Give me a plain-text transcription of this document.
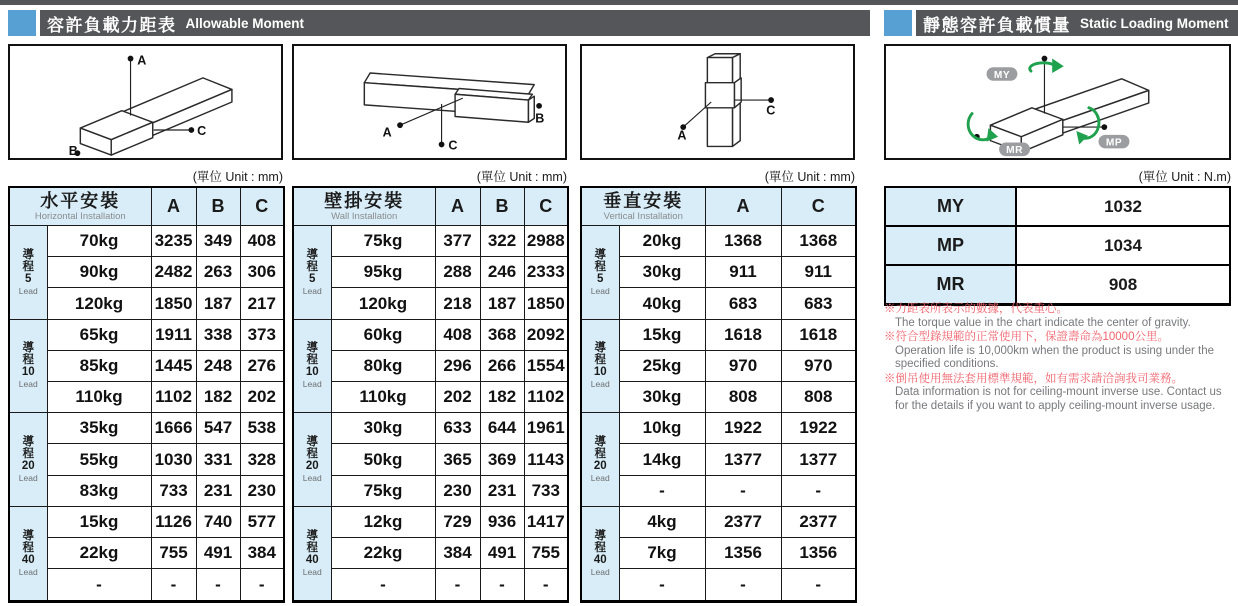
容許負載力距表 Allowable Moment	靜態容許負載慣量 Static Loading Moment
A
B
C	A
B
C
A
C
MY
MP
MR
(單位 Unit : mm)	(單位 Unit : mm)	(單位 Unit : mm)	(單位 Unit : N.m)
水平安裝
Horizontal Installation		A	B	C

導
程
5
Lead	70kg	3235	349	408
	90kg	2482	263	306
	120kg	1850	187	217

導
程
10
Lead	65kg	1911	338	373
	85kg	1445	248	276
	110kg	1102	182	202

導
程
20
Lead	35kg	1666	547	538
	55kg	1030	331	328
	83kg	733	231	230

導
程
40
Lead	15kg	1126	740	577
	22kg	755	491	384
	-	-	-	-
壁掛安裝
Wall Installation		A	B	C

導
程
5
Lead	75kg	377	322	2988
	95kg	288	246	2333
	120kg	218	187	1850

導
程
10
Lead	60kg	408	368	2092
	80kg	296	266	1554
	110kg	202	182	1102

導
程
20
Lead	30kg	633	644	1961
	50kg	365	369	1143
	75kg	230	231	733

導
程
40
Lead	12kg	729	936	1417
	22kg	384	491	755
	-	-	-	-
垂直安裝
Vertical Installation		A	C

導
程
5
Lead	20kg	1368	1368
	30kg	911	911
	40kg	683	683

導
程
10
Lead	15kg	1618	1618
	25kg	970	970
	30kg	808	808

導
程
20
Lead	10kg	1922	1922
	14kg	1377	1377
	-	-	-

導
程
40
Lead	4kg	2377	2377
	7kg	1356	1356
	-	-	-
MY	1032
MP	1034
MR	908
※力距表所表示的數據，代表重心。
The torque value in the chart indicate the center of gravity.
※符合型錄規範的正常使用下，保證壽命為10000公里。
Operation life is 10,000km when the product is using under the specified conditions.
※倒吊使用無法套用標準規範，如有需求請洽詢我司業務。
Data information is not for ceiling-mount inverse use. Contact us for the details if you want to apply ceiling-mount inverse usage.
